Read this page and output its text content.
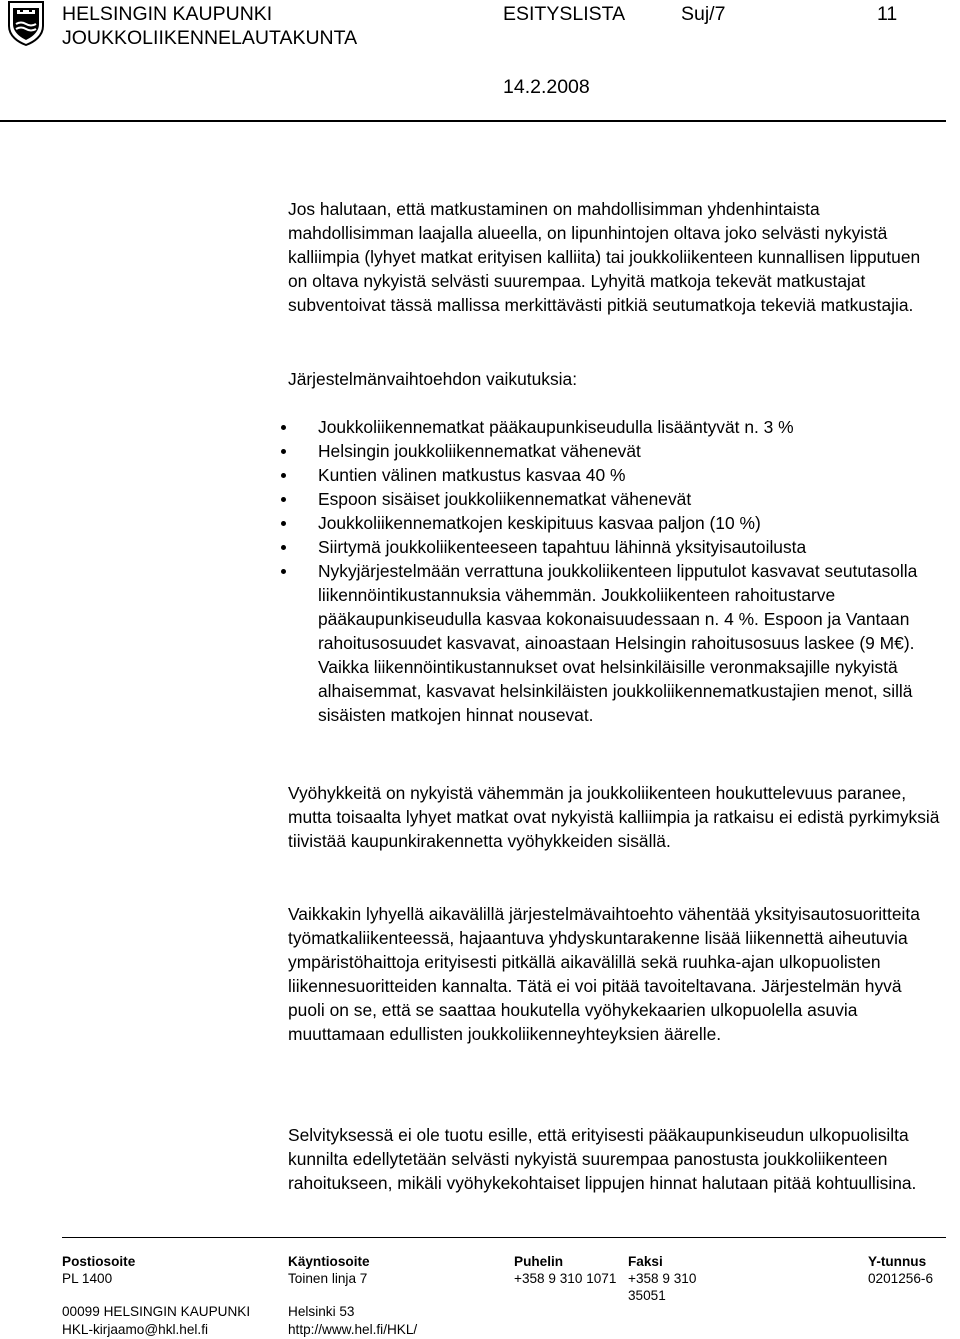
HELSINGIN KAUPUNKI
JOUKKOLIIKENNELAUTAKUNTA
ESITYSLISTA	Suj/7	11
14.2.2008

Jos halutaan, että matkustaminen on mahdollisimman yhdenhintaista mahdollisimman laajalla alueella, on lipunhintojen oltava joko selvästi nykyistä kalliimpia (lyhyet matkat erityisen kalliita) tai joukkoliikenteen kunnallisen lipputuen on oltava nykyistä selvästi suurempaa. Lyhyitä matkoja tekevät matkustajat subventoivat tässä mallissa merkittävästi pitkiä seutumatkoja tekeviä matkustajia.

Järjestelmänvaihtoehdon vaikutuksia:

Joukkoliikennematkat pääkaupunkiseudulla lisääntyvät n. 3 %
Helsingin joukkoliikennematkat vähenevät
Kuntien välinen matkustus kasvaa 40 %
Espoon sisäiset joukkoliikennematkat vähenevät
Joukkoliikennematkojen keskipituus kasvaa paljon (10 %)
Siirtymä joukkoliikenteeseen tapahtuu lähinnä yksityisautoilusta
Nykyjärjestelmään verrattuna joukkoliikenteen lipputulot kasvavat seututasolla liikennöintikustannuksia vähemmän. Joukkoliikenteen rahoitustarve pääkaupunkiseudulla kasvaa kokonaisuudessaan n. 4 %. Espoon ja Vantaan rahoitusosuudet kasvavat, ainoastaan Helsingin rahoitusosuus laskee (9 M€). Vaikka liikennöintikustannukset ovat helsinkiläisille veronmaksajille nykyistä alhaisemmat, kasvavat helsinkiläisten joukkoliikennematkustajien menot, sillä sisäisten matkojen hinnat nousevat.

Vyöhykkeitä on nykyistä vähemmän ja joukkoliikenteen houkuttelevuus paranee, mutta toisaalta lyhyet matkat ovat nykyistä kalliimpia ja ratkaisu ei edistä pyrkimyksiä tiivistää kaupunkirakennetta vyöhykkeiden sisällä.

Vaikkakin lyhyellä aikavälillä järjestelmävaihtoehto vähentää yksityisautosuoritteita työmatkaliikenteessä, hajaantuva yhdyskuntarakenne lisää liikennettä aiheutuvia ympäristöhaittoja erityisesti pitkällä aikavälillä sekä ruuhka-ajan ulkopuolisten liikennesuoritteiden kannalta. Tätä ei voi pitää tavoiteltavana. Järjestelmän hyvä puoli on se, että se saattaa houkutella vyöhykekaarien ulkopuolella asuvia muuttamaan edullisten joukkoliikenneyhteyksien äärelle.

Selvityksessä ei ole tuotu esille, että erityisesti pääkaupunkiseudun ulkopuolisilta kunnilta edellytetään selvästi nykyistä suurempaa panostusta joukkoliikenteen rahoitukseen, mikäli vyöhykekohtaiset lippujen hinnat halutaan pitää kohtuullisina.

Postiosoite
PL 1400
00099 HELSINGIN KAUPUNKI
HKL-kirjaamo@hkl.hel.fi
Käyntiosoite
Toinen linja 7
Helsinki 53
http://www.hel.fi/HKL/
Puhelin
+358 9 310 1071
Faksi
+358 9 310
35051
Y-tunnus
0201256-6
